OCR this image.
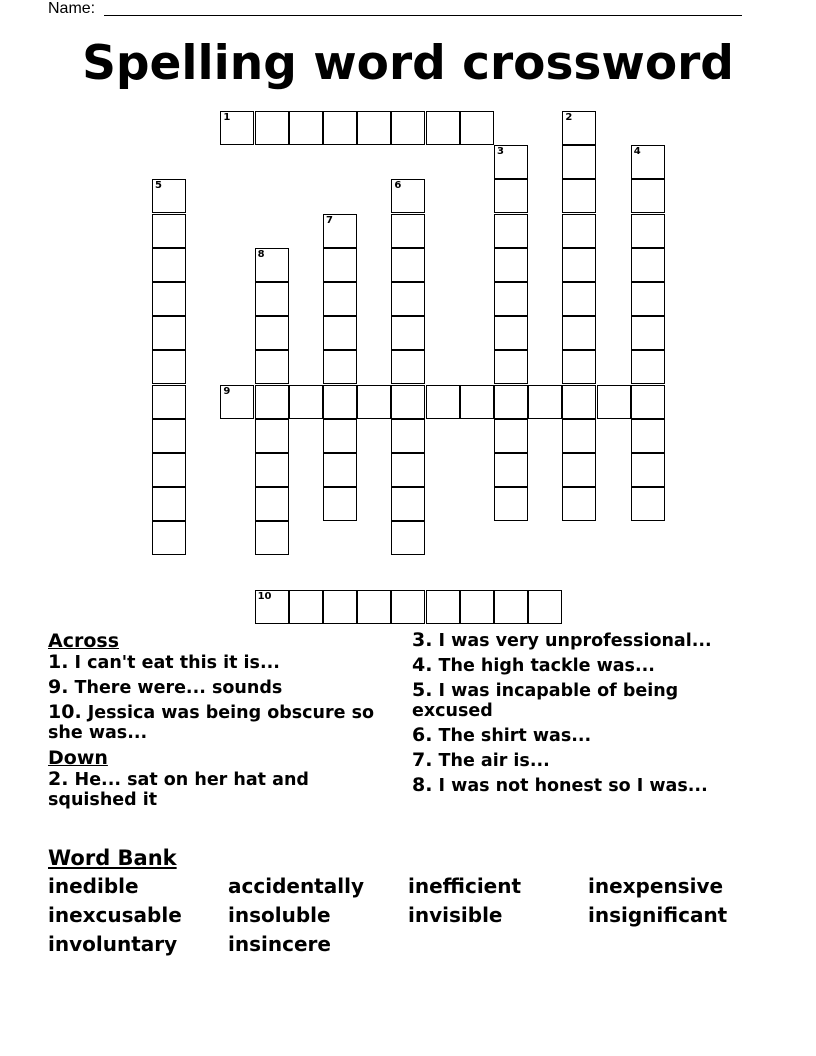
Name:
Spelling word crossword
1	2
3	4
5	6
7
8
9
10
Across
1. I can't eat this it is...
9. There were... sounds
10. Jessica was being obscure so she was...
Down
2. He... sat on her hat and squished it
3. I was very unprofessional...
4. The high tackle was...
5. I was incapable of being excused
6. The shirt was...
7. The air is...
8. I was not honest so I was...
Word Bank
inedible	accidentally	inefficient	inexpensive
inexcusable	insoluble	invisible	insignificant
involuntary	insincere
